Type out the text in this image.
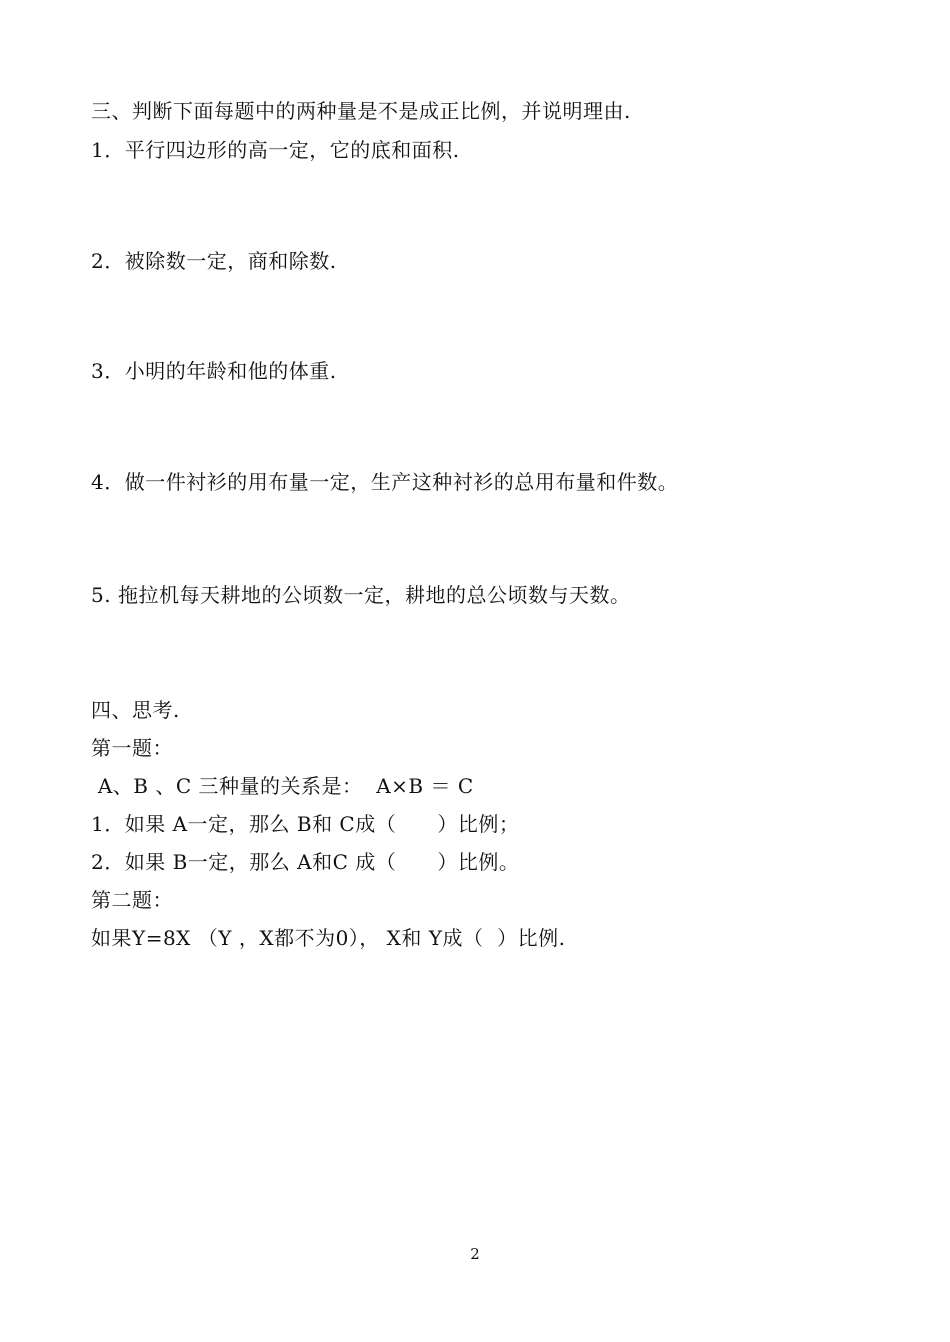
三、判断下面每题中的两种量是不是成正比例，并说明理由.
1．平行四边形的高一定，它的底和面积.
2．被除数一定，商和除数.
3．小明的年龄和他的体重.
4．做一件衬衫的用布量一定，生产这种衬衫的总用布量和件数。
5. 拖拉机每天耕地的公顷数一定，耕地的总公顷数与天数。
四、思考.
第一题：
A、B 、C 三种量的关系是：  A×B ＝ C
1．如果 A一定，那么 B和 C成（      ）比例；
2．如果 B一定，那么 A和C 成（      ）比例。
第二题：
如果Y=8X （Y ，X都不为0）， X和 Y成（  ）比例.
2
